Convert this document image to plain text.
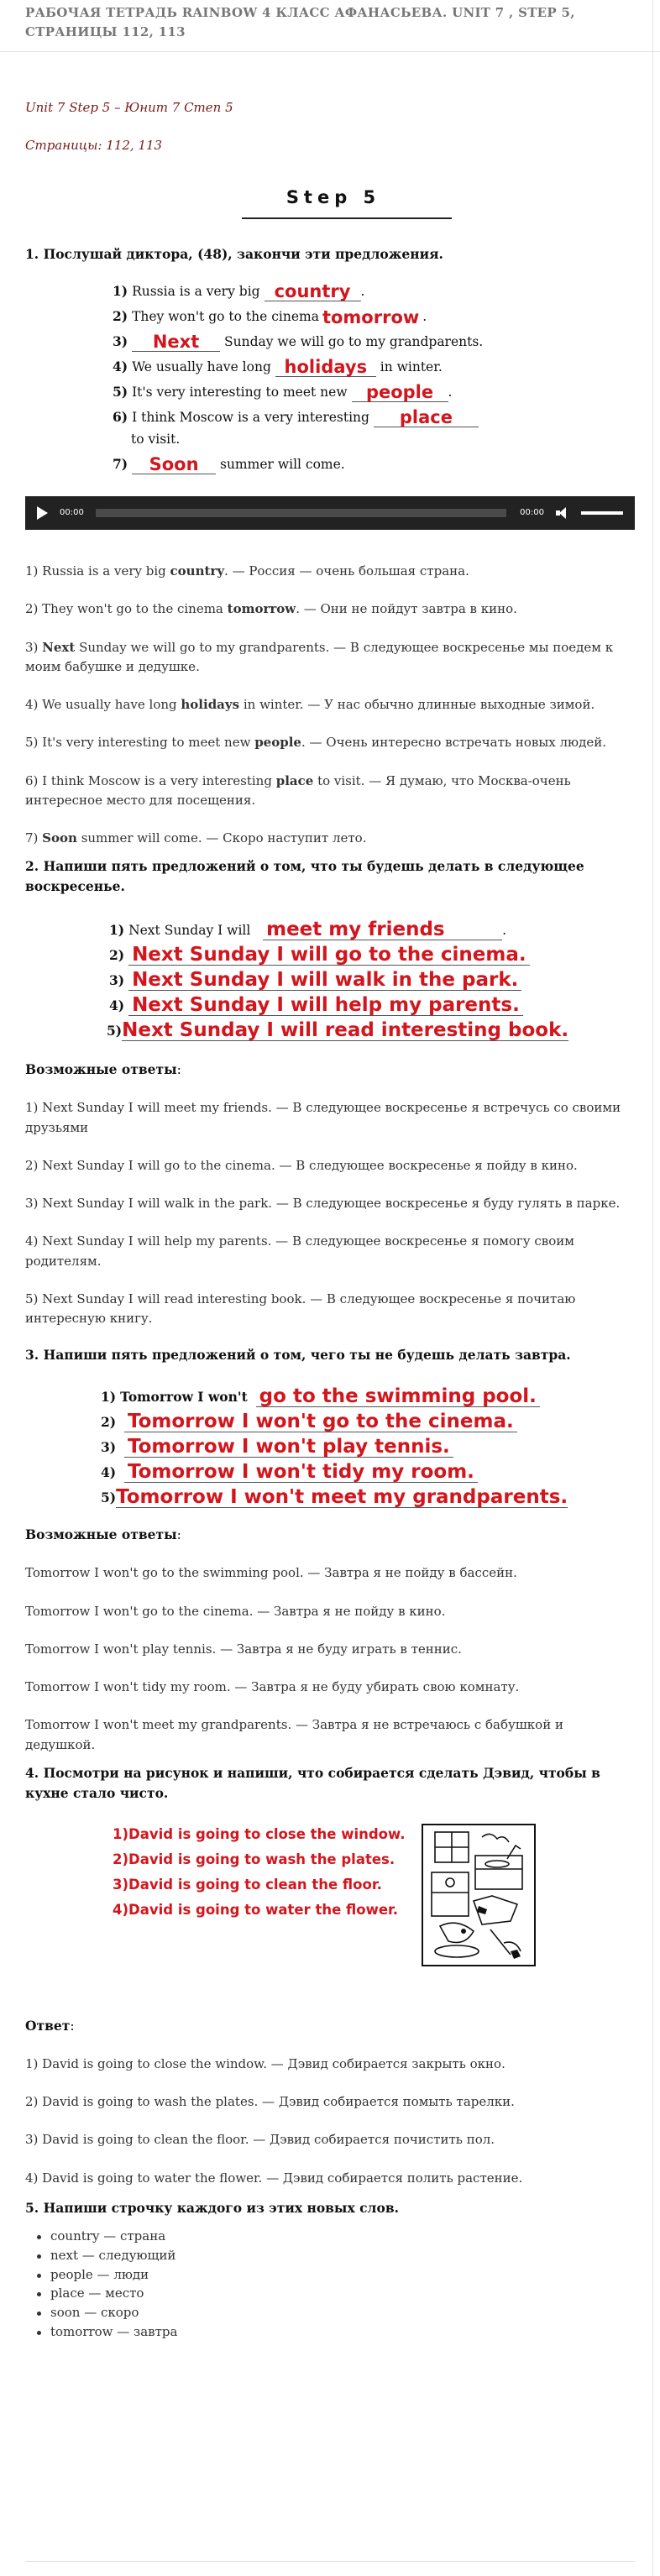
РАБОЧАЯ ТЕТРАДЬ RAINBOW 4 КЛАСС АФАНАСЬЕВА. UNIT 7 , STEP 5, СТРАНИЦЫ 112, 113
Unit 7 Step 5 – Юнит 7 Степ 5
Страницы: 112, 113
Step 5
1. Послушай диктора, (48), закончи эти предложения.
1)
Russia is a very big
country .
2)
They won't go to the cinema tomorrow .
3)
	Next
	Sunday we will go to my grandparents.
4)
We usually have long
holidays
	in winter.
5)
It's very interesting to meet new
	people	.
6)
I think Moscow is a very interesting
	place
to visit.
7)
	Soon
	summer will come.
00:00	00:00

1) Russia is a very big country. — Россия — очень большая страна.

2) They won't go to the cinema tomorrow. — Они не пойдут завтра в кино.

3) Next Sunday we will go to my grandparents. — В следующее воскресенье мы поедем к моим бабушке и дедушке.

4) We usually have long holidays in winter. — У нас обычно длинные выходные зимой.

5) It's very interesting to meet new people. — Очень интересно встречать новых людей.

6) I think Moscow is a very interesting place to visit. — Я думаю, что Москва-очень интересное место для посещения.

7) Soon summer will come. — Скоро наступит лето.

2. Напиши пять предложений о том, что ты будешь делать в следующее воскресенье.
1)
Next Sunday I will
meet my friends	.
2)
Next Sunday I will go to the cinema.
3)
Next Sunday I will walk in the park.
4)
Next Sunday I will help my parents.
5) Next Sunday I will read interesting book.
Возможные ответы:

1) Next Sunday I will meet my friends. — В следующее воскресенье я встречусь со своими друзьями

2) Next Sunday I will go to the cinema. — В следующее воскресенье я пойду в кино.

3) Next Sunday I will walk in the park. — В следующее воскресенье я буду гулять в парке.

4) Next Sunday I will help my parents. — В следующее воскресенье я помогу своим родителям.

5) Next Sunday I will read interesting book. — В следующее воскресенье я почитаю интересную книгу.

3. Напиши пять предложений о том, чего ты не будешь делать завтра.
1)
Tomorrow I won't
go to the swimming pool.
2)
Tomorrow I won't go to the cinema.
3)
Tomorrow I won't play tennis.
4)
Tomorrow I won't tidy my room.
5) Tomorrow I won't meet my grandparents.
Возможные ответы:

Tomorrow I won't go to the swimming pool. — Завтра я не пойду в бассейн.

Tomorrow I won't go to the cinema. — Завтра я не пойду в кино.

Tomorrow I won't play tennis. — Завтра я не буду играть в теннис.

Tomorrow I won't tidy my room. — Завтра я не буду убирать свою комнату.

Tomorrow I won't meet my grandparents. — Завтра я не встречаюсь с бабушкой и дедушкой.

4. Посмотри на рисунок и напиши, что собирается сделать Дэвид, чтобы в кухне стало чисто.
1)David is going to close the window.
2)David is going to wash the plates.
3)David is going to clean the floor.
4)David is going to water the flower.
Ответ:

1) David is going to close the window. — Дэвид собирается закрыть окно.

2) David is going to wash the plates. — Дэвид собирается помыть тарелки.

3) David is going to clean the floor. — Дэвид собирается почистить пол.

4) David is going to water the flower. — Дэвид собирается полить растение.

5. Напиши строчку каждого из этих новых слов.
country — страна
next — следующий
people — люди
place — место
soon — скоро
tomorrow — завтра
